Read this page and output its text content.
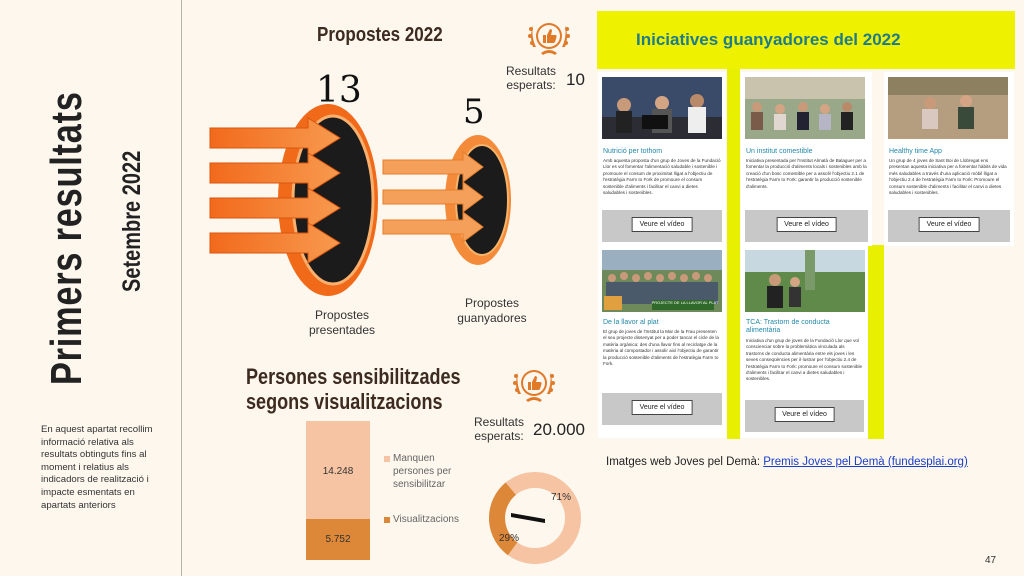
Primers resultats Setembre 2022
En aquest apartat recollim informació relativa als resultats obtinguts fins al moment i relatius als indicadors de realització i impacte esmentats en apartats anteriors
Propostes 2022
13
5
Propostes
presentades
Propostes
guanyadores
Resultats
esperats: 10
Persones sensibilitzades
segons visualitzacions
14.248
5.752
Manquen
persones per
sensibilitzar
Visualitzacions
Resultats
esperats: 20.000
71%
29%
Iniciatives guanyadores del 2022
Nutrició per tothom
Amb aquesta proposta d'un grup de Joves de la Fundació Llor es vol fomentar l'alimentació saludable i sostenible i promoure el consum de proximitat lligat a l'objectiu de l'estratègia Farm to Fork de promoure el consum sostenible d'aliments i facilitar el canvi a dietes saludables i sostenibles.
Veure el vídeo
Un institut comestible
Iniciativa presentada per l'Institut Almatà de Balaguer per a fomentar la producció d'aliments locals i sostenibles amb la creació d'un bosc comestible per a assolir l'objectiu 2.1 de l'estratègia Farm to Fork: garantir la producció sostenible d'aliments.
Veure el vídeo
Healthy time App
Un grup de 4 joves de Sant Boi de Llobregat ens presentan aquesta iniciativa per a fomentar hàbits de vida més saludables a través d'una aplicació mòbil lligat a l'objectiu 2.4 de l'estratègia Farm to Fork: Promoure el consum sostenible d'aliments i facilitar el canvi a dietes saludables i sostenibles.
Veure el vídeo
PROJECTE DE LA LLAVOR AL PLAT
De la llavor al plat
El grup de joves de l'Institut la Mar de la Frau presenten el seu projecte dissenyat per a poder tancar el cicle de la matèria orgànica: des d'una llavor fins al reciclatge de la matèria al compostador i assolir així l'objectiu de garantir la producció sostenible d'aliments de l'estratègia Farm to Fork.
Veure el vídeo
TCA: Trastorn de conducta alimentària
Iniciativa d'un grup de joves de la Fundació Llor que vol conscienciar sobre la problemàtica vinculada als trastorns de conducta alimentària entre els joves i les seves conseqüències per il·lustrar per l'objectiu 2.4 de l'estratègia Farm to Fork: promoure el consum sostenible d'aliments i facilitar el canvi a dietes saludables i sostenibles.
Veure el vídeo
Imatges web Joves pel Demà: Premis Joves pel Demà (fundesplai.org)
47
